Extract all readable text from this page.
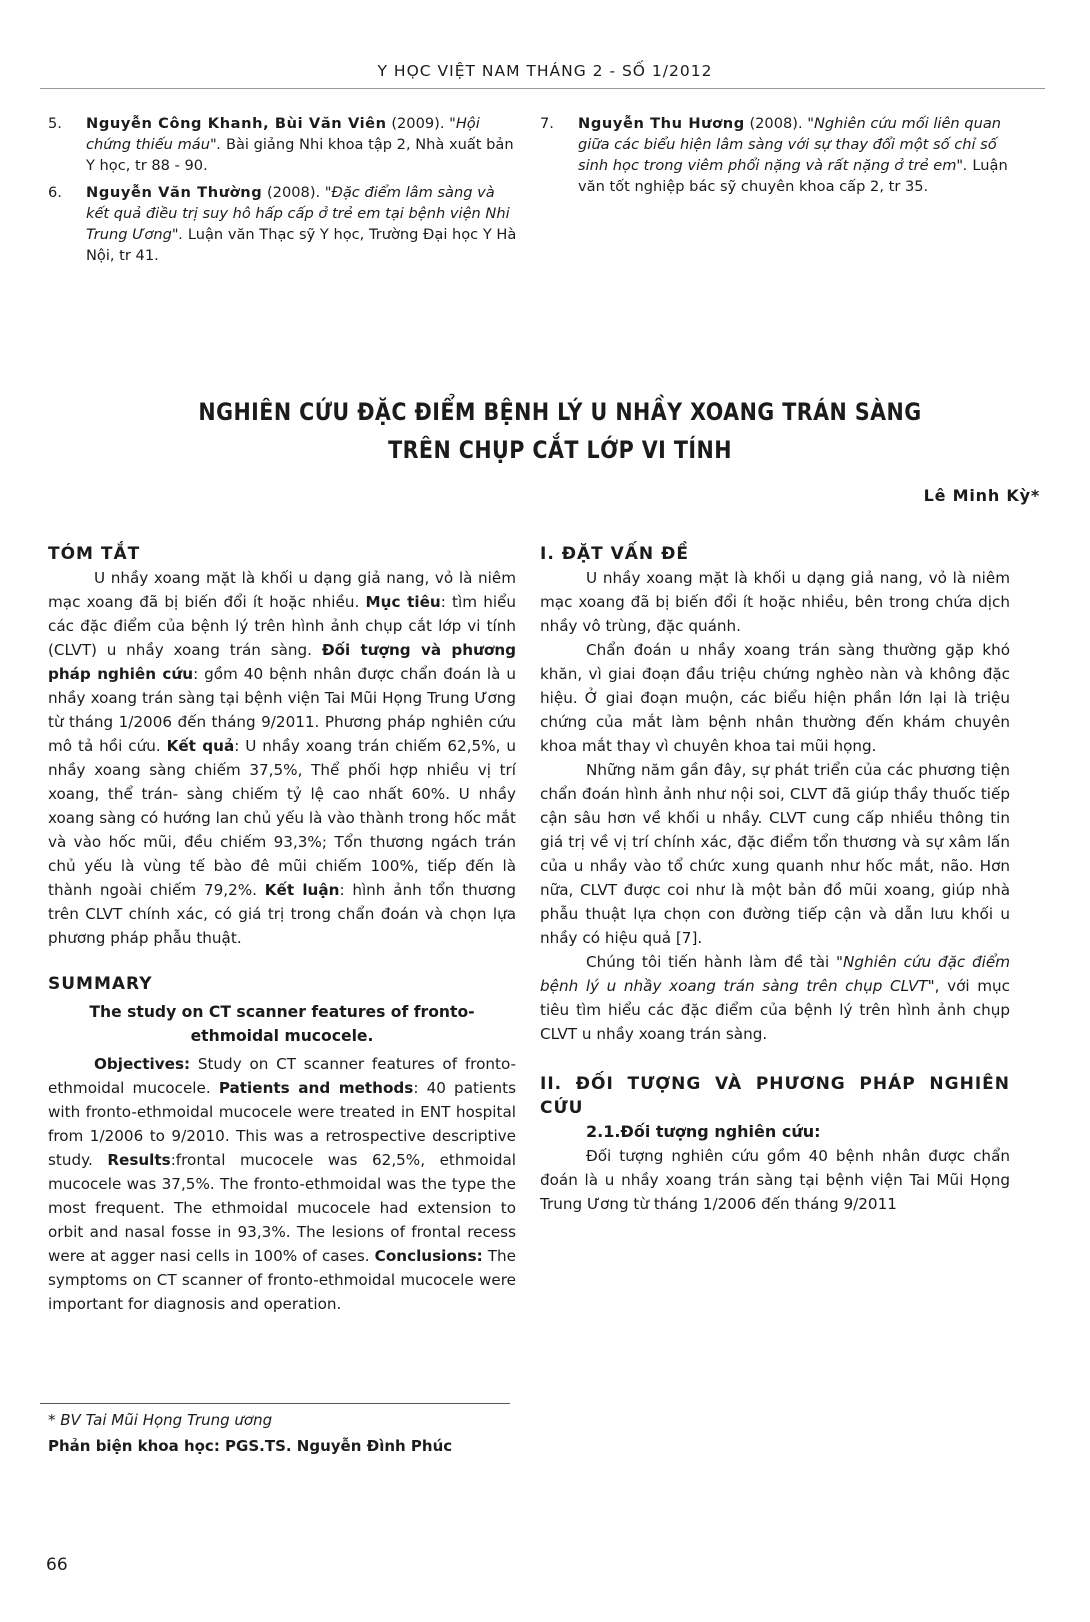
Y HỌC VIỆT NAM THÁNG 2 - SỐ 1/2012
5.	Nguyễn Công Khanh, Bùi Văn Viên (2009). "Hội chứng thiếu máu". Bài giảng Nhi khoa tập 2, Nhà xuất bản Y học, tr 88 - 90.
6.	Nguyễn Văn Thường (2008). "Đặc điểm lâm sàng và kết quả điều trị suy hô hấp cấp ở trẻ em tại bệnh viện Nhi Trung Ương". Luận văn Thạc sỹ Y học, Trường Đại học Y Hà Nội, tr 41.
7.	Nguyễn Thu Hương (2008). "Nghiên cứu mối liên quan giữa các biểu hiện lâm sàng với sự thay đổi một số chỉ số sinh học trong viêm phổi nặng và rất nặng ở trẻ em". Luận văn tốt nghiệp bác sỹ chuyên khoa cấp 2, tr 35.
NGHIÊN CỨU ĐẶC ĐIỂM BỆNH LÝ U NHẦY XOANG TRÁN SÀNG
TRÊN CHỤP CẮT LỚP VI TÍNH
Lê Minh Kỳ*
TÓM TẮT

U nhầy xoang mặt là khối u dạng giả nang, vỏ là niêm mạc xoang đã bị biến đổi ít hoặc nhiều. Mục tiêu: tìm hiểu các đặc điểm của bệnh lý trên hình ảnh chụp cắt lớp vi tính (CLVT) u nhầy xoang trán sàng. Đối tượng và phương pháp nghiên cứu: gồm 40 bệnh nhân được chẩn đoán là u nhầy xoang trán sàng tại bệnh viện Tai Mũi Họng Trung Ương từ tháng 1/2006 đến tháng 9/2011. Phương pháp nghiên cứu mô tả hồi cứu. Kết quả: U nhầy xoang trán chiếm 62,5%, u nhầy xoang sàng chiếm 37,5%, Thể phối hợp nhiều vị trí xoang, thể trán- sàng chiếm tỷ lệ cao nhất 60%. U nhầy xoang sàng có hướng lan chủ yếu là vào thành trong hốc mắt và vào hốc mũi, đều chiếm 93,3%; Tổn thương ngách trán chủ yếu là vùng tế bào đê mũi chiếm 100%, tiếp đến là thành ngoài chiếm 79,2%. Kết luận: hình ảnh tổn thương trên CLVT chính xác, có giá trị trong chẩn đoán và chọn lựa phương pháp phẫu thuật.

SUMMARY
The study on CT scanner features of fronto-ethmoidal mucocele.

Objectives: Study on CT scanner features of fronto-ethmoidal mucocele. Patients and methods: 40 patients with fronto-ethmoidal mucocele were treated in ENT hospital from 1/2006 to 9/2010. This was a retrospective descriptive study. Results:frontal mucocele was 62,5%, ethmoidal mucocele was 37,5%. The fronto-ethmoidal was the type the most frequent. The ethmoidal mucocele had extension to orbit and nasal fosse in 93,3%. The lesions of frontal recess were at agger nasi cells in 100% of cases. Conclusions: The symptoms on CT scanner of fronto-ethmoidal mucocele were important for diagnosis and operation.

* BV Tai Mũi Họng Trung ương
Phản biện khoa học: PGS.TS. Nguyễn Đình Phúc
66
I. ĐẶT VẤN ĐỀ

U nhầy xoang mặt là khối u dạng giả nang, vỏ là niêm mạc xoang đã bị biến đổi ít hoặc nhiều, bên trong chứa dịch nhầy vô trùng, đặc quánh.

Chẩn đoán u nhầy xoang trán sàng thường gặp khó khăn, vì giai đoạn đầu triệu chứng nghèo nàn và không đặc hiệu. Ở giai đoạn muộn, các biểu hiện phần lớn lại là triệu chứng của mắt làm bệnh nhân thường đến khám chuyên khoa mắt thay vì chuyên khoa tai mũi họng.

Những năm gần đây, sự phát triển của các phương tiện chẩn đoán hình ảnh như nội soi, CLVT đã giúp thầy thuốc tiếp cận sâu hơn về khối u nhầy. CLVT cung cấp nhiều thông tin giá trị về vị trí chính xác, đặc điểm tổn thương và sự xâm lấn của u nhầy vào tổ chức xung quanh như hốc mắt, não. Hơn nữa, CLVT được coi như là một bản đồ mũi xoang, giúp nhà phẫu thuật lựa chọn con đường tiếp cận và dẫn lưu khối u nhầy có hiệu quả [7].

Chúng tôi tiến hành làm đề tài "Nghiên cứu đặc điểm bệnh lý u nhầy xoang trán sàng trên chụp CLVT", với mục tiêu tìm hiểu các đặc điểm của bệnh lý trên hình ảnh chụp CLVT u nhầy xoang trán sàng.

II. ĐỐI TƯỢNG VÀ PHƯƠNG PHÁP NGHIÊN CỨU

2.1.Đối tượng nghiên cứu:

Đối tượng nghiên cứu gồm 40 bệnh nhân được chẩn đoán là u nhầy xoang trán sàng tại bệnh viện Tai Mũi Họng Trung Ương từ tháng 1/2006 đến tháng 9/2011
